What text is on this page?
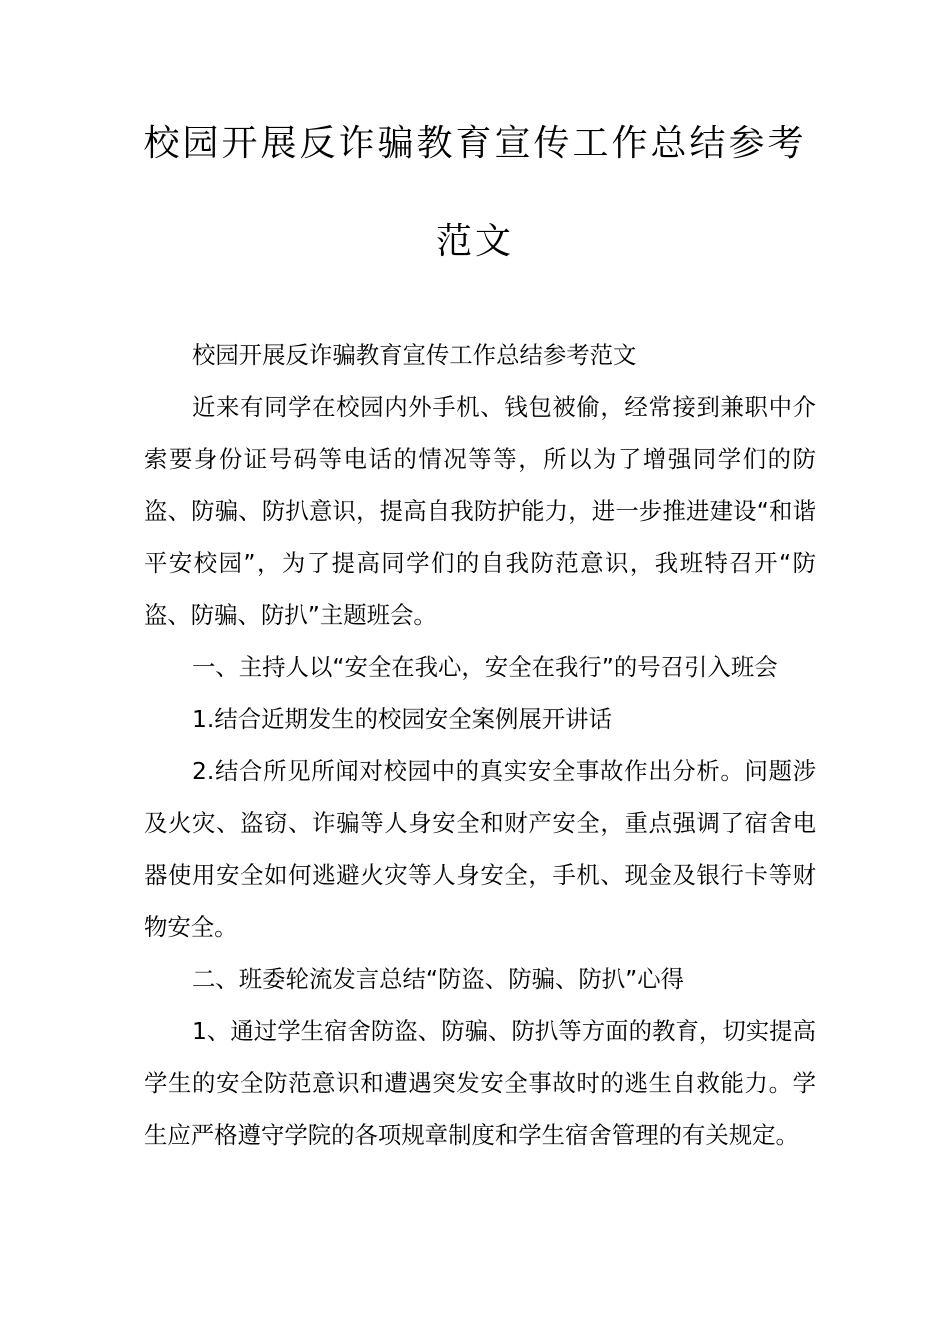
校园开展反诈骗教育宣传工作总结参考
范文

校园开展反诈骗教育宣传工作总结参考范文

近来有同学在校园内外手机、钱包被偷，经常接到兼职中介索要身份证号码等电话的情况等等，所以为了增强同学们的防盗、防骗、防扒意识，提高自我防护能力，进一步推进建设“和谐平安校园”，为了提高同学们的自我防范意识，我班特召开“防盗、防骗、防扒”主题班会。

一、主持人以“安全在我心，安全在我行”的号召引入班会

1.结合近期发生的校园安全案例展开讲话

2.结合所见所闻对校园中的真实安全事故作出分析。问题涉及火灾、盗窃、诈骗等人身安全和财产安全，重点强调了宿舍电器使用安全如何逃避火灾等人身安全，手机、现金及银行卡等财物安全。

二、班委轮流发言总结“防盗、防骗、防扒”心得

1、通过学生宿舍防盗、防骗、防扒等方面的教育，切实提高学生的安全防范意识和遭遇突发安全事故时的逃生自救能力。学生应严格遵守学院的各项规章制度和学生宿舍管理的有关规定。
